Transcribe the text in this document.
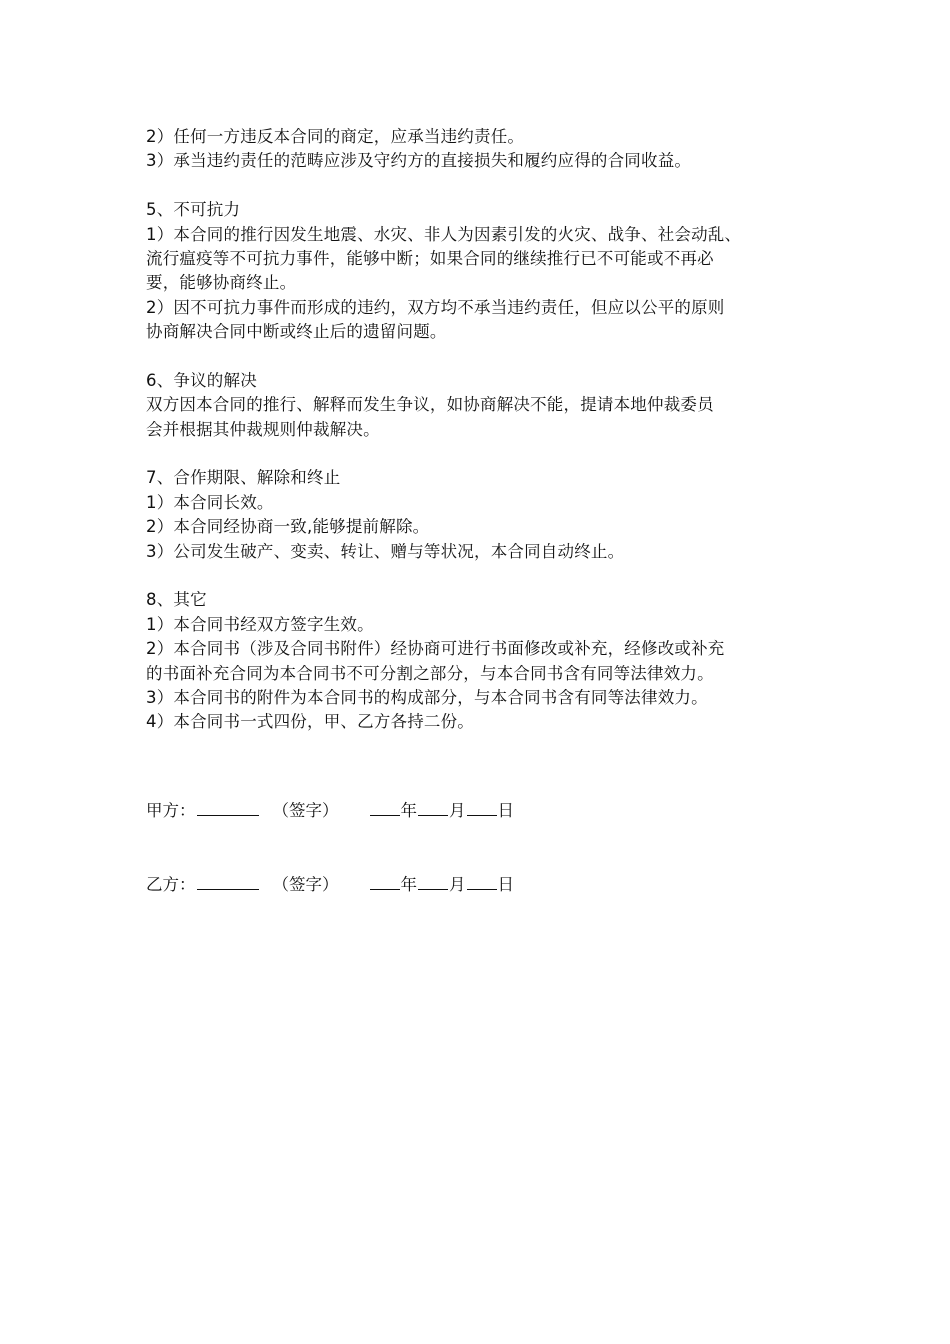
2）任何一方违反本合同的商定，应承当违约责任。
3）承当违约责任的范畴应涉及守约方的直接损失和履约应得的合同收益。
5、不可抗力
1）本合同的推行因发生地震、水灾、非人为因素引发的火灾、战争、社会动乱、
流行瘟疫等不可抗力事件，能够中断；如果合同的继续推行已不可能或不再必
要，能够协商终止。
2）因不可抗力事件而形成的违约，双方均不承当违约责任，但应以公平的原则
协商解决合同中断或终止后的遗留问题。
6、争议的解决
双方因本合同的推行、解释而发生争议，如协商解决不能，提请本地仲裁委员
会并根据其仲裁规则仲裁解决。
7、合作期限、解除和终止
1）本合同长效。
2）本合同经协商一致,能够提前解除。
3）公司发生破产、变卖、转让、赠与等状况，本合同自动终止。
8、其它
1）本合同书经双方签字生效。
2）本合同书（涉及合同书附件）经协商可进行书面修改或补充，经修改或补充
的书面补充合同为本合同书不可分割之部分，与本合同书含有同等法律效力。
3）本合同书的附件为本合同书的构成部分，与本合同书含有同等法律效力。
4）本合同书一式四份，甲、乙方各持二份。
甲方：	（签字）	年 月 日
乙方：	（签字）	年 月 日
